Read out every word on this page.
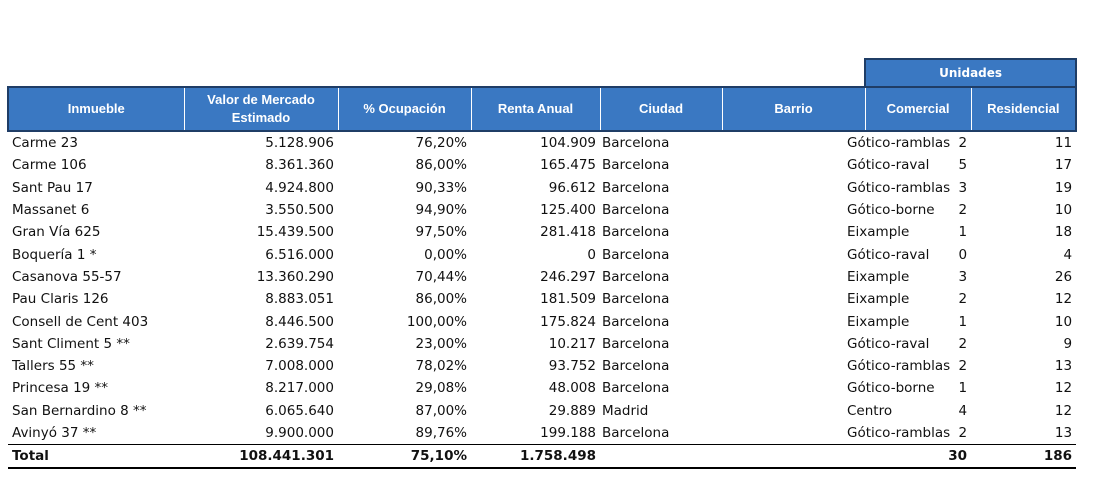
						Unidades	
Inmueble	Valor de Mercado Estimado	% Ocupación	Renta Anual	Ciudad	Barrio	Comercial	Residencial
Carme 23	5.128.906	76,20%	104.909	Barcelona	Gótico-ramblas	2	11
Carme 106	8.361.360	86,00%	165.475	Barcelona	Gótico-raval	5	17
Sant Pau 17	4.924.800	90,33%	96.612	Barcelona	Gótico-ramblas	3	19
Massanet 6	3.550.500	94,90%	125.400	Barcelona	Gótico-borne	2	10
Gran Vía 625	15.439.500	97,50%	281.418	Barcelona	Eixample	1	18
Boquería 1 *	6.516.000	0,00%	0	Barcelona	Gótico-raval	0	4
Casanova 55-57	13.360.290	70,44%	246.297	Barcelona	Eixample	3	26
Pau Claris 126	8.883.051	86,00%	181.509	Barcelona	Eixample	2	12
Consell de Cent 403	8.446.500	100,00%	175.824	Barcelona	Eixample	1	10
Sant Climent 5 **	2.639.754	23,00%	10.217	Barcelona	Gótico-raval	2	9
Tallers 55 **	7.008.000	78,02%	93.752	Barcelona	Gótico-ramblas	2	13
Princesa 19 **	8.217.000	29,08%	48.008	Barcelona	Gótico-borne	1	12
San Bernardino 8 **	6.065.640	87,00%	29.889	Madrid	Centro	4	12
Avinyó 37 **	9.900.000	89,76%	199.188	Barcelona	Gótico-ramblas	2	13
Total	108.441.301	75,10%	1.758.498			30	186
